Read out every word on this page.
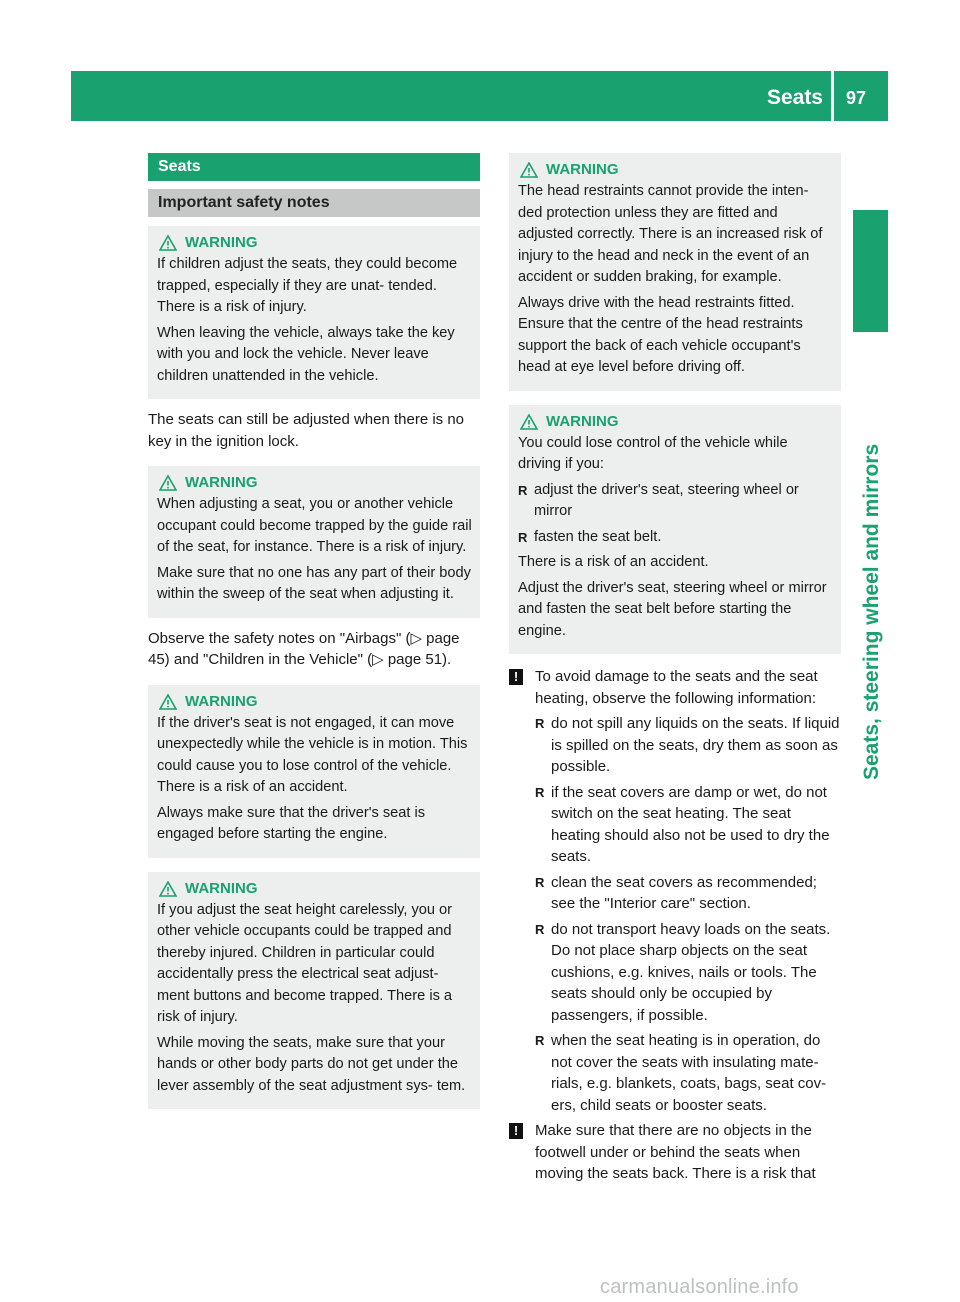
Seats 97
Seats, steering wheel and mirrors
Seats
Important safety notes
WARNING

If children adjust the seats, they could become trapped, especially if they are unat- tended. There is a risk of injury.

When leaving the vehicle, always take the key with you and lock the vehicle. Never leave children unattended in the vehicle.

The seats can still be adjusted when there is no key in the ignition lock.

WARNING

When adjusting a seat, you or another vehicle occupant could become trapped by the guide rail of the seat, for instance. There is a risk of injury.

Make sure that no one has any part of their body within the sweep of the seat when adjusting it.

Observe the safety notes on "Airbags" (▷ page 45) and "Children in the Vehicle" (▷ page 51).

WARNING

If the driver's seat is not engaged, it can move unexpectedly while the vehicle is in motion. This could cause you to lose control of the vehicle. There is a risk of an accident.

Always make sure that the driver's seat is engaged before starting the engine.

WARNING

If you adjust the seat height carelessly, you or other vehicle occupants could be trapped and thereby injured. Children in particular could accidentally press the electrical seat adjust- ment buttons and become trapped. There is a risk of injury.

While moving the seats, make sure that your hands or other body parts do not get under the lever assembly of the seat adjustment sys- tem.

WARNING

The head restraints cannot provide the inten- ded protection unless they are fitted and adjusted correctly. There is an increased risk of injury to the head and neck in the event of an accident or sudden braking, for example.

Always drive with the head restraints fitted. Ensure that the centre of the head restraints support the back of each vehicle occupant's head at eye level before driving off.

WARNING

You could lose control of the vehicle while driving if you:

R adjust the driver's seat, steering wheel or mirror

R fasten the seat belt.

There is a risk of an accident.

Adjust the driver's seat, steering wheel or mirror and fasten the seat belt before starting the engine.

!	To avoid damage to the seats and the seat heating, observe the following information:

R do not spill any liquids on the seats. If liquid is spilled on the seats, dry them as soon as possible.

R if the seat covers are damp or wet, do not switch on the seat heating. The seat heating should also not be used to dry the seats.

R clean the seat covers as recommended; see the "Interior care" section.

R do not transport heavy loads on the seats. Do not place sharp objects on the seat cushions, e.g. knives, nails or tools. The seats should only be occupied by passengers, if possible.

R when the seat heating is in operation, do not cover the seats with insulating mate- rials, e.g. blankets, coats, bags, seat cov- ers, child seats or booster seats.

!	Make sure that there are no objects in the footwell under or behind the seats when moving the seats back. There is a risk that

carmanualsonline.info
